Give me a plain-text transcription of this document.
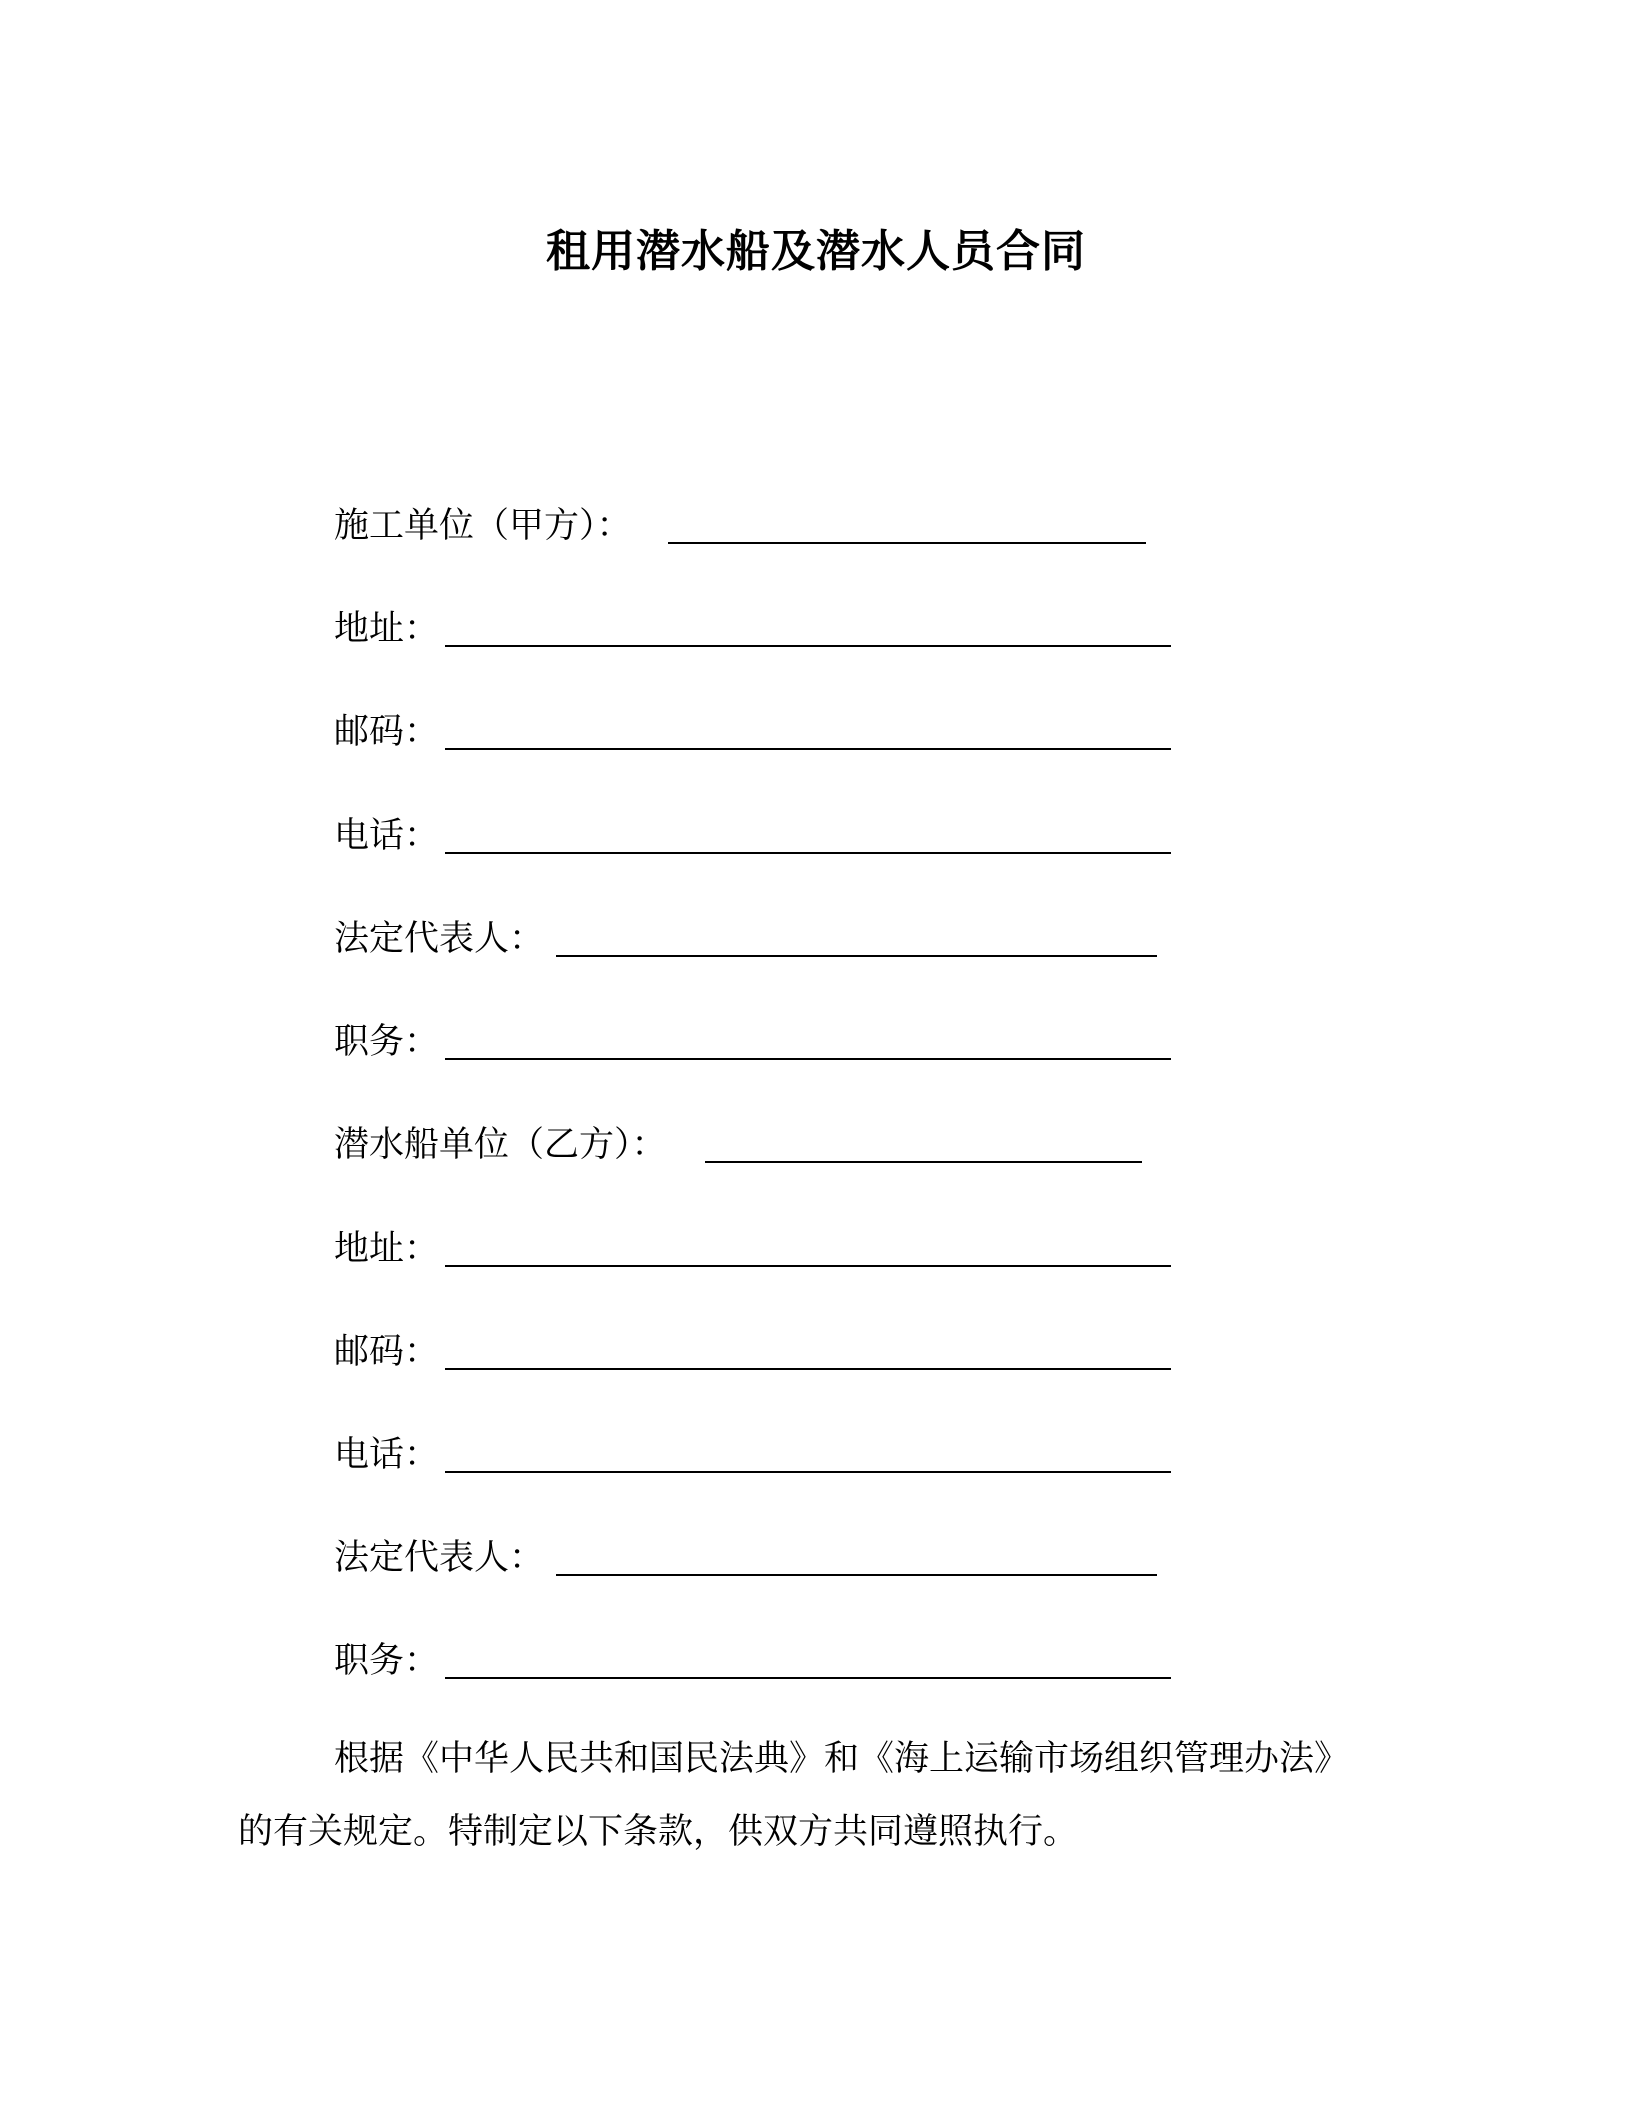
租用潜水船及潜水人员合同
施工单位（甲方）：
地址：
邮码：
电话：
法定代表人：
职务：
潜水船单位（乙方）：
地址：
邮码：
电话：
法定代表人：
职务：
根据《中华人民共和国民法典》和《海上运输市场组织管理办法》
的有关规定。特制定以下条款，供双方共同遵照执行。
